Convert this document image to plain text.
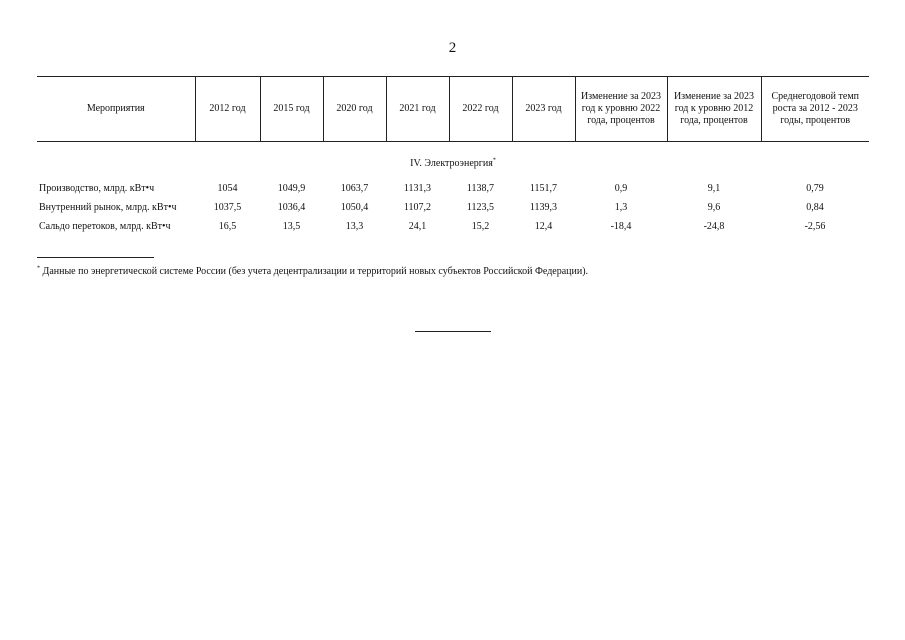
2
Мероприятия	2012 год	2015 год	2020 год	2021 год	2022 год	2023 год	Изменение за 2023 год к уровню 2022 года, процентов	Изменение за 2023 год к уровню 2012 года, процентов	Среднегодовой темп роста за 2012 - 2023 годы, процентов
IV. Электроэнергия*

Производство, млрд. кВт•ч	1054	1049,9	1063,7	1131,3	1138,7	1151,7	0,9	9,1	0,79
Внутренний рынок, млрд. кВт•ч	1037,5	1036,4	1050,4	1107,2	1123,5	1139,3	1,3	9,6	0,84
Сальдо перетоков, млрд. кВт•ч	16,5	13,5	13,3	24,1	15,2	12,4	-18,4	-24,8	-2,56
* Данные по энергетической системе России (без учета децентрализации и территорий новых субъектов Российской Федерации).
